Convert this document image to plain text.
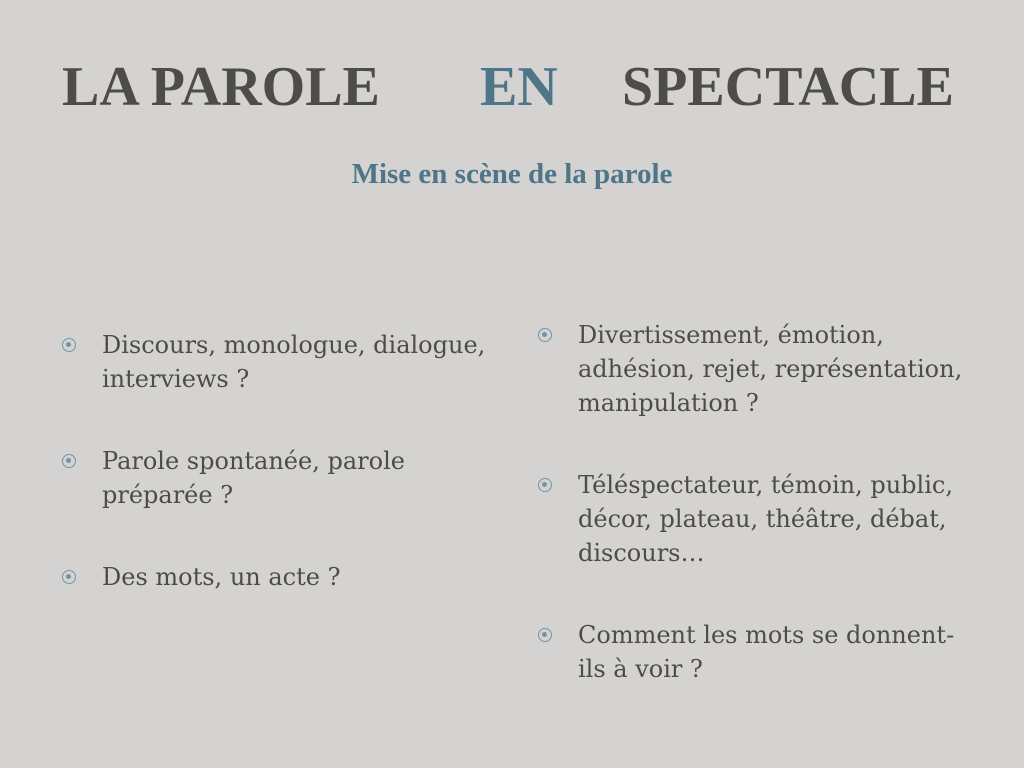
LA PAROLE EN SPECTACLE
Mise en scène de la parole
Discours, monologue, dialogue, interviews ?
Parole spontanée, parole préparée ?
Des mots, un acte ?
Divertissement, émotion, adhésion, rejet, représentation, manipulation ?
Téléspectateur, témoin, public, décor, plateau, théâtre, débat, discours…
Comment les mots se donnent-ils à voir ?
